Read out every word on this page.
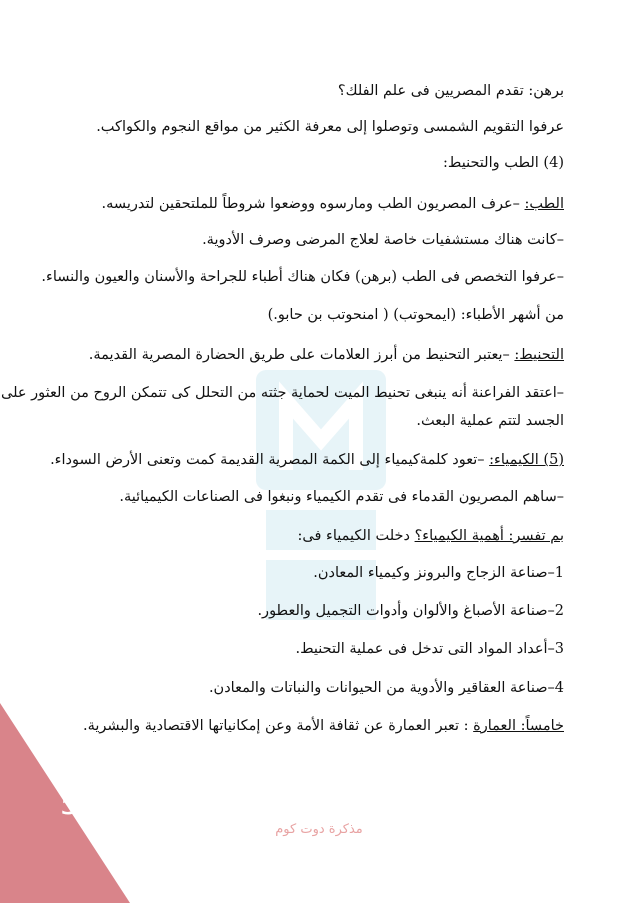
برهن: تقدم المصريين فى علم الفلك؟
عرفوا التقويم الشمسى وتوصلوا إلى معرفة الكثير من مواقع النجوم والكواكب.
(4) الطب والتحنيط:
الطب: –عرف المصريون الطب ومارسوه ووضعوا شروطاً للملتحقين لتدريسه.
–كانت هناك مستشفيات خاصة لعلاج المرضى وصرف الأدوية.
–عرفوا التخصص فى الطب (برهن) فكان هناك أطباء للجراحة والأسنان والعيون والنساء.
من أشهر الأطباء: (ايمحوتب) ( امنحوتب بن حابو.)
التحنيط: –يعتبر التحنيط من أبرز العلامات على طريق الحضارة المصرية القديمة.
–اعتقد الفراعنة أنه ينبغى تحنيط الميت لحماية جثته من التحلل كى تتمكن الروح من العثور على
الجسد لتتم عملية البعث.
(5) الكيمياء: –تعود كلمةكيمياء إلى الكمة المصرية القديمة كمت وتعنى الأرض السوداء.
–ساهم المصريون القدماء فى تقدم الكيمياء ونبغوا فى الصناعات الكيميائية.
بم تفسر: أهمية الكيمياء؟ دخلت الكيمياء فى:
1–صناعة الزجاج والبرونز وكيمياء المعادن.
2–صناعة الأصباغ والألوان وأدوات التجميل والعطور.
3–أعداد المواد التى تدخل فى عملية التحنيط.
4–صناعة العقاقير والأدوية من الحيوانات والنباتات والمعادن.
خامساً: العمارة : تعبر العمارة عن ثقافة الأمة وعن إمكانياتها الاقتصادية والبشرية.
57
مذكرة دوت كوم
